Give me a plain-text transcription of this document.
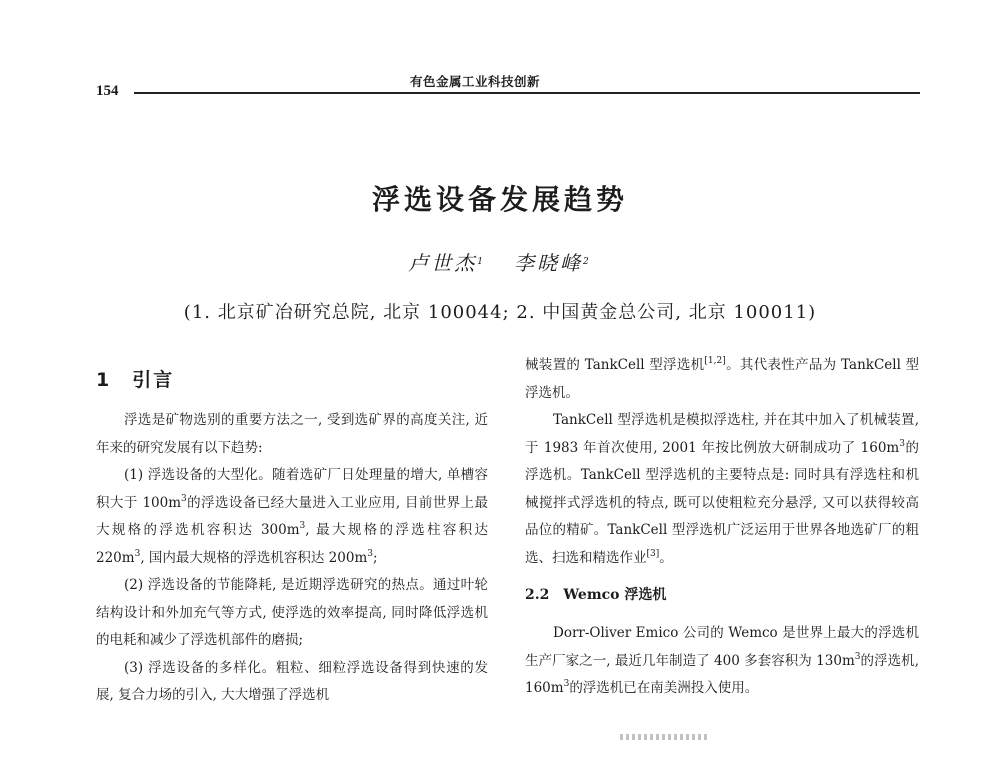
154
有色金属工业科技创新
浮选设备发展趋势
卢世杰$^1$ 李晓峰$^2$
(1. 北京矿冶研究总院, 北京 100044; 2. 中国黄金总公司, 北京 100011)
1　引言

浮选是矿物选别的重要方法之一, 受到选矿界的高度关注, 近年来的研究发展有以下趋势:

(1) 浮选设备的大型化。随着选矿厂日处理量的增大, 单槽容积大于 $100m^3$的浮选设备已经大量进入工业应用, 目前世界上最大规格的浮选机容积达 $300m^3$, 最大规格的浮选柱容积达 $220m^3$, 国内最大规格的浮选机容积达 $200m^3$;

(2) 浮选设备的节能降耗, 是近期浮选研究的热点。通过叶轮结构设计和外加充气等方式, 使浮选的效率提高, 同时降低浮选机的电耗和减少了浮选机部件的磨损;

(3) 浮选设备的多样化。粗粒、细粒浮选设备得到快速的发展, 复合力场的引入, 大大增强了浮选机

械装置的 TankCell 型浮选机[1,2]。其代表性产品为 TankCell 型浮选机。

TankCell 型浮选机是模拟浮选柱, 并在其中加入了机械装置, 于 1983 年首次使用, 2001 年按比例放大研制成功了 $160m^3$的浮选机。TankCell 型浮选机的主要特点是: 同时具有浮选柱和机械搅拌式浮选机的特点, 既可以使粗粒充分悬浮, 又可以获得较高品位的精矿。TankCell 型浮选机广泛运用于世界各地选矿厂的粗选、扫选和精选作业[3]。

2.2　Wemco 浮选机

Dorr-Oliver Emico 公司的 Wemco 是世界上最大的浮选机生产厂家之一, 最近几年制造了 400 多套容积为 $130m^3$的浮选机, $160m^3$的浮选机已在南美洲投入使用。
